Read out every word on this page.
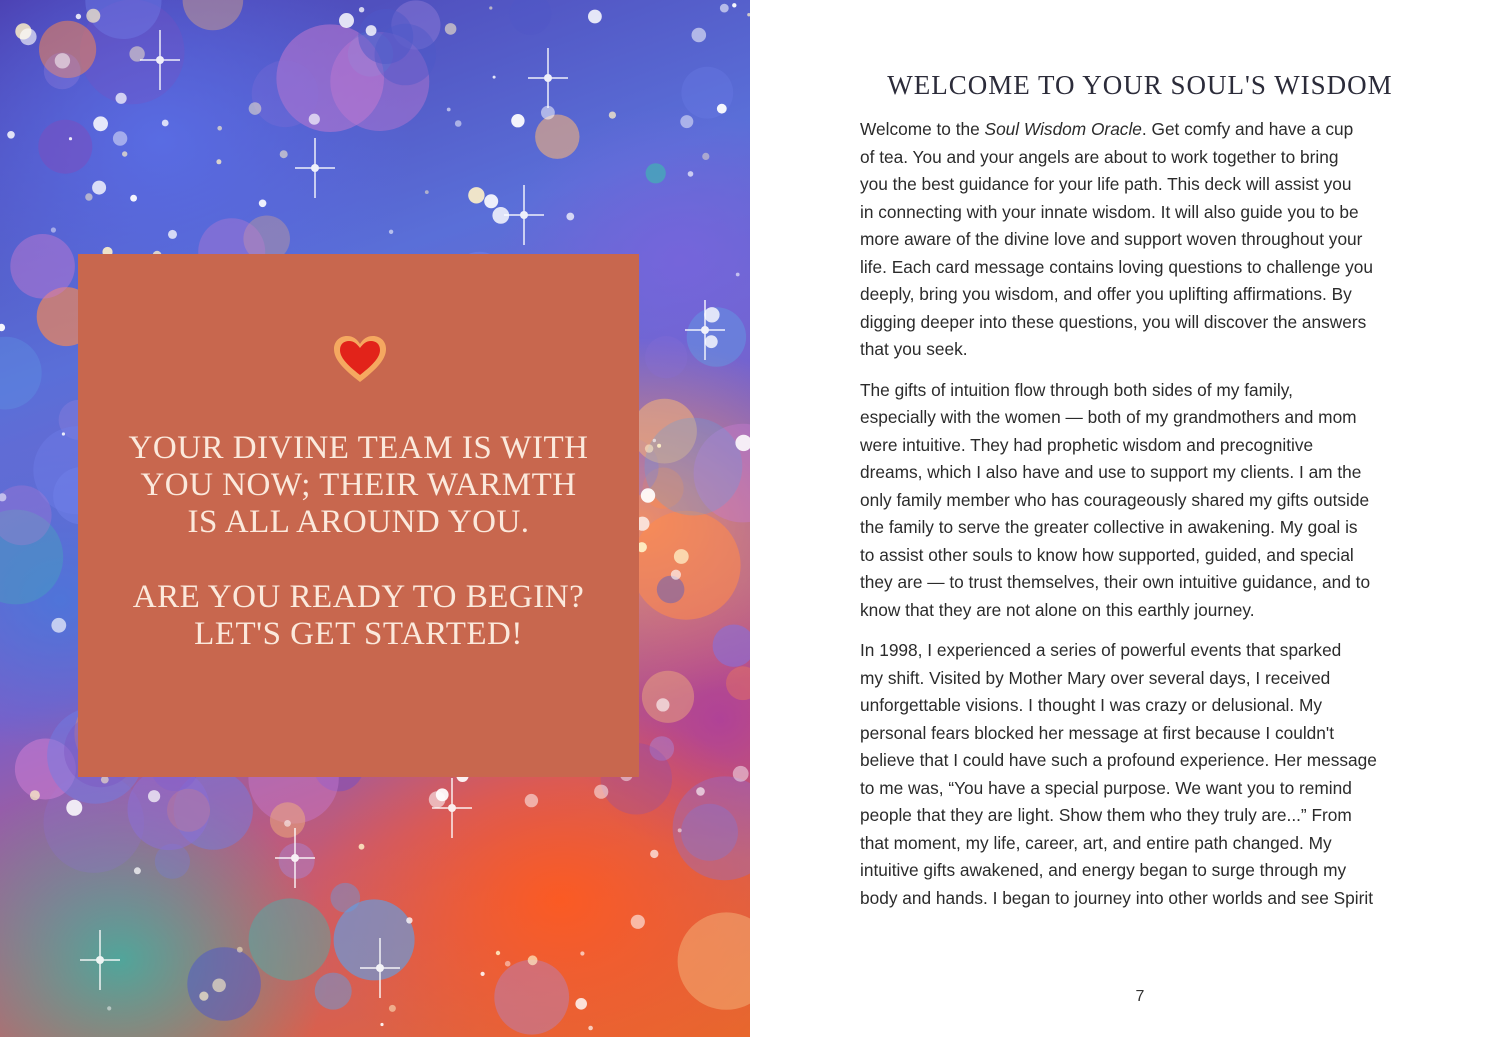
YOUR DIVINE TEAM IS WITH
YOU NOW; THEIR WARMTH
IS ALL AROUND YOU.

ARE YOU READY TO BEGIN?
LET'S GET STARTED!

WELCOME TO YOUR SOUL'S WISDOM

Welcome to the Soul Wisdom Oracle. Get comfy and have a cup
of tea. You and your angels are about to work together to bring
you the best guidance for your life path. This deck will assist you
in connecting with your innate wisdom. It will also guide you to be
more aware of the divine love and support woven throughout your
life. Each card message contains loving questions to challenge you
deeply, bring you wisdom, and offer you uplifting affirmations. By
digging deeper into these questions, you will discover the answers
that you seek.

The gifts of intuition flow through both sides of my family,
especially with the women — both of my grandmothers and mom
were intuitive. They had prophetic wisdom and precognitive
dreams, which I also have and use to support my clients. I am the
only family member who has courageously shared my gifts outside
the family to serve the greater collective in awakening. My goal is
to assist other souls to know how supported, guided, and special
they are — to trust themselves, their own intuitive guidance, and to
know that they are not alone on this earthly journey.

In 1998, I experienced a series of powerful events that sparked
my shift. Visited by Mother Mary over several days, I received
unforgettable visions. I thought I was crazy or delusional. My
personal fears blocked her message at first because I couldn't
believe that I could have such a profound experience. Her message
to me was, “You have a special purpose. We want you to remind
people that they are light. Show them who they truly are...” From
that moment, my life, career, art, and entire path changed. My
intuitive gifts awakened, and energy began to surge through my
body and hands. I began to journey into other worlds and see Spirit

7
